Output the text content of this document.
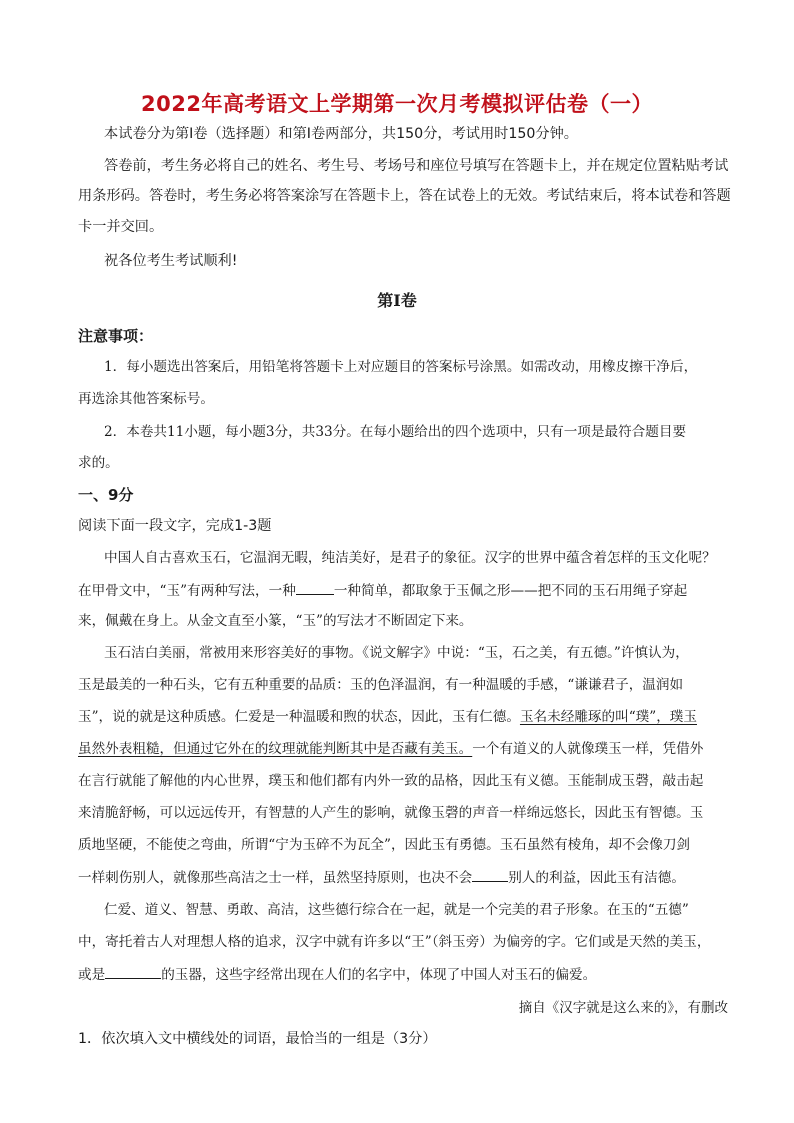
2022年高考语文上学期第一次月考模拟评估卷（一）
本试卷分为第Ⅰ卷（选择题）和第Ⅰ卷两部分，共150分，考试用时150分钟。
答卷前，考生务必将自己的姓名、考生号、考场号和座位号填写在答题卡上，并在规定位置粘贴考试
用条形码。答卷时，考生务必将答案涂写在答题卡上，答在试卷上的无效。考试结束后，将本试卷和答题
卡一并交回。
祝各位考生考试顺利!
第Ⅰ卷
注意事项：
1．每小题选出答案后，用铅笔将答题卡上对应题目的答案标号涂黑。如需改动，用橡皮擦干净后，
再选涂其他答案标号。
2．本卷共11小题，每小题3分，共33分。在每小题给出的四个选项中，只有一项是最符合题目要
求的。
一、9分
阅读下面一段文字，完成1-3题
中国人自古喜欢玉石，它温润无暇，纯洁美好，是君子的象征。汉字的世界中蕴含着怎样的玉文化呢？
在甲骨文中，“玉”有两种写法，一种	一种简单，都取象于玉佩之形——把不同的玉石用绳子穿起
来，佩戴在身上。从金文直至小篆，“玉”的写法才不断固定下来。
玉石洁白美丽，常被用来形容美好的事物。《说文解字》中说：“玉，石之美，有五德。”许慎认为，
玉是最美的一种石头，它有五种重要的品质：玉的色泽温润，有一种温暖的手感，“谦谦君子，温润如
玉”，说的就是这种质感。仁爱是一种温暖和煦的状态，因此，玉有仁德。玉名未经雕琢的叫“璞”，璞玉
虽然外表粗糙，但通过它外在的纹理就能判断其中是否藏有美玉。一个有道义的人就像璞玉一样，凭借外
在言行就能了解他的内心世界，璞玉和他们都有内外一致的品格，因此玉有义德。玉能制成玉磬，敲击起
来清脆舒畅，可以远远传开，有智慧的人产生的影响，就像玉磬的声音一样绵远悠长，因此玉有智德。玉
质地坚硬，不能使之弯曲，所谓“宁为玉碎不为瓦全”，因此玉有勇德。玉石虽然有棱角，却不会像刀剑
一样刺伤别人，就像那些高洁之士一样，虽然坚持原则，也决不会	别人的利益，因此玉有洁德。
仁爱、道义、智慧、勇敢、高洁，这些德行综合在一起，就是一个完美的君子形象。在玉的“五德”
中，寄托着古人对理想人格的追求，汉字中就有许多以“王”（斜玉旁）为偏旁的字。它们或是天然的美玉，
或是	的玉器，这些字经常出现在人们的名字中，体现了中国人对玉石的偏爱。
摘自《汉字就是这么来的》，有删改
1．依次填入文中横线处的词语，最恰当的一组是（3分）
